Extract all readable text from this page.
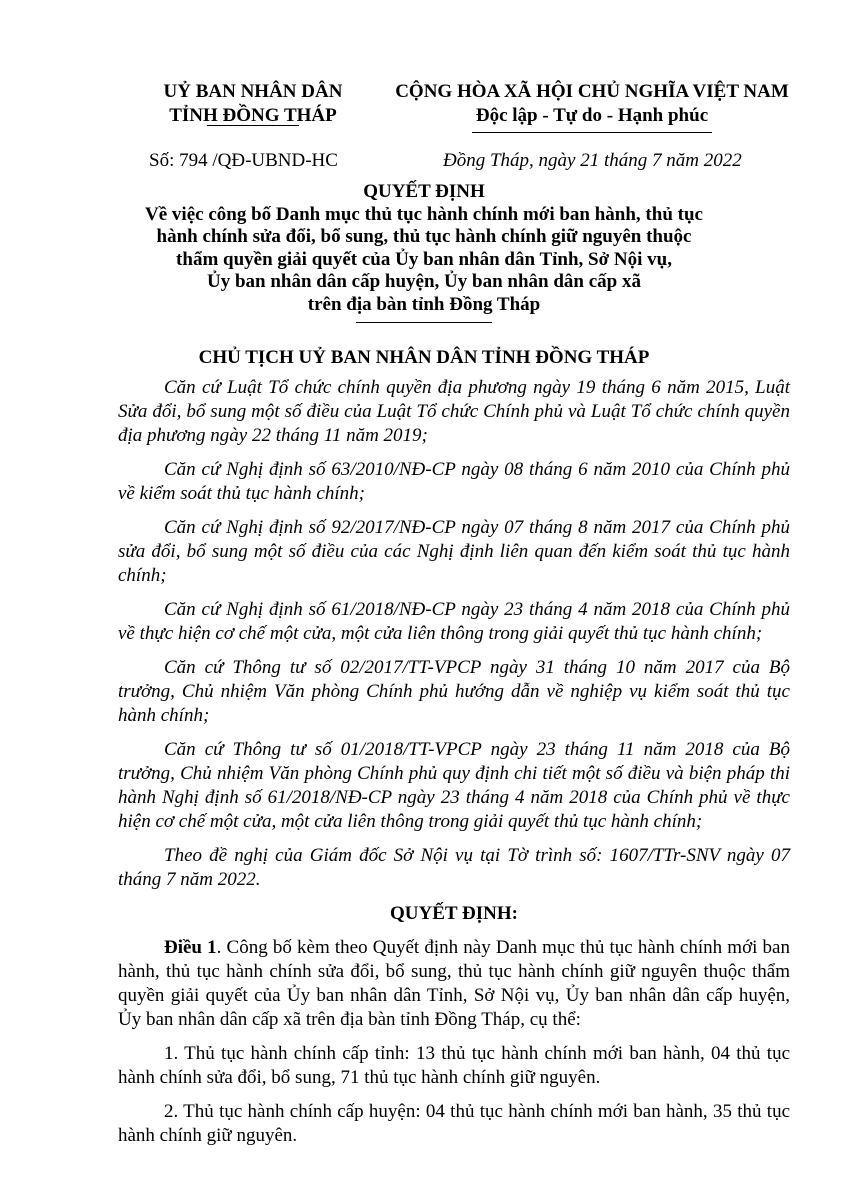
UỶ BAN NHÂN DÂN
TỈNH ĐỒNG THÁP
CỘNG HÒA XÃ HỘI CHỦ NGHĨA VIỆT NAM
Độc lập - Tự do - Hạnh phúc
Số: 794 /QĐ-UBND-HC	Đồng Tháp, ngày 21 tháng 7 năm 2022
QUYẾT ĐỊNH
Về việc công bố Danh mục thủ tục hành chính mới ban hành, thủ tục
hành chính sửa đổi, bổ sung, thủ tục hành chính giữ nguyên thuộc
thẩm quyền giải quyết của Ủy ban nhân dân Tỉnh, Sở Nội vụ,
Ủy ban nhân dân cấp huyện, Ủy ban nhân dân cấp xã
trên địa bàn tỉnh Đồng Tháp
CHỦ TỊCH UỶ BAN NHÂN DÂN TỈNH ĐỒNG THÁP

Căn cứ Luật Tổ chức chính quyền địa phương ngày 19 tháng 6 năm 2015, Luật Sửa đổi, bổ sung một số điều của Luật Tổ chức Chính phủ và Luật Tổ chức chính quyền địa phương ngày 22 tháng 11 năm 2019;

Căn cứ Nghị định số 63/2010/NĐ-CP ngày 08 tháng 6 năm 2010 của Chính phủ về kiểm soát thủ tục hành chính;

Căn cứ Nghị định số 92/2017/NĐ-CP ngày 07 tháng 8 năm 2017 của Chính phủ sửa đổi, bổ sung một số điều của các Nghị định liên quan đến kiểm soát thủ tục hành chính;

Căn cứ Nghị định số 61/2018/NĐ-CP ngày 23 tháng 4 năm 2018 của Chính phủ về thực hiện cơ chế một cửa, một cửa liên thông trong giải quyết thủ tục hành chính;

Căn cứ Thông tư số 02/2017/TT-VPCP ngày 31 tháng 10 năm 2017 của Bộ trưởng, Chủ nhiệm Văn phòng Chính phủ hướng dẫn về nghiệp vụ kiểm soát thủ tục hành chính;

Căn cứ Thông tư số 01/2018/TT-VPCP ngày 23 tháng 11 năm 2018 của Bộ trưởng, Chủ nhiệm Văn phòng Chính phủ quy định chi tiết một số điều và biện pháp thi hành Nghị định số 61/2018/NĐ-CP ngày 23 tháng 4 năm 2018 của Chính phủ về thực hiện cơ chế một cửa, một cửa liên thông trong giải quyết thủ tục hành chính;

Theo đề nghị của Giám đốc Sở Nội vụ tại Tờ trình số: 1607/TTr-SNV ngày 07 tháng 7 năm 2022.

QUYẾT ĐỊNH:

Điều 1. Công bố kèm theo Quyết định này Danh mục thủ tục hành chính mới ban hành, thủ tục hành chính sửa đổi, bổ sung, thủ tục hành chính giữ nguyên thuộc thẩm quyền giải quyết của Ủy ban nhân dân Tỉnh, Sở Nội vụ, Ủy ban nhân dân cấp huyện, Ủy ban nhân dân cấp xã trên địa bàn tỉnh Đồng Tháp, cụ thể:

1. Thủ tục hành chính cấp tỉnh: 13 thủ tục hành chính mới ban hành, 04 thủ tục hành chính sửa đổi, bổ sung, 71 thủ tục hành chính giữ nguyên.

2. Thủ tục hành chính cấp huyện: 04 thủ tục hành chính mới ban hành, 35 thủ tục hành chính giữ nguyên.
